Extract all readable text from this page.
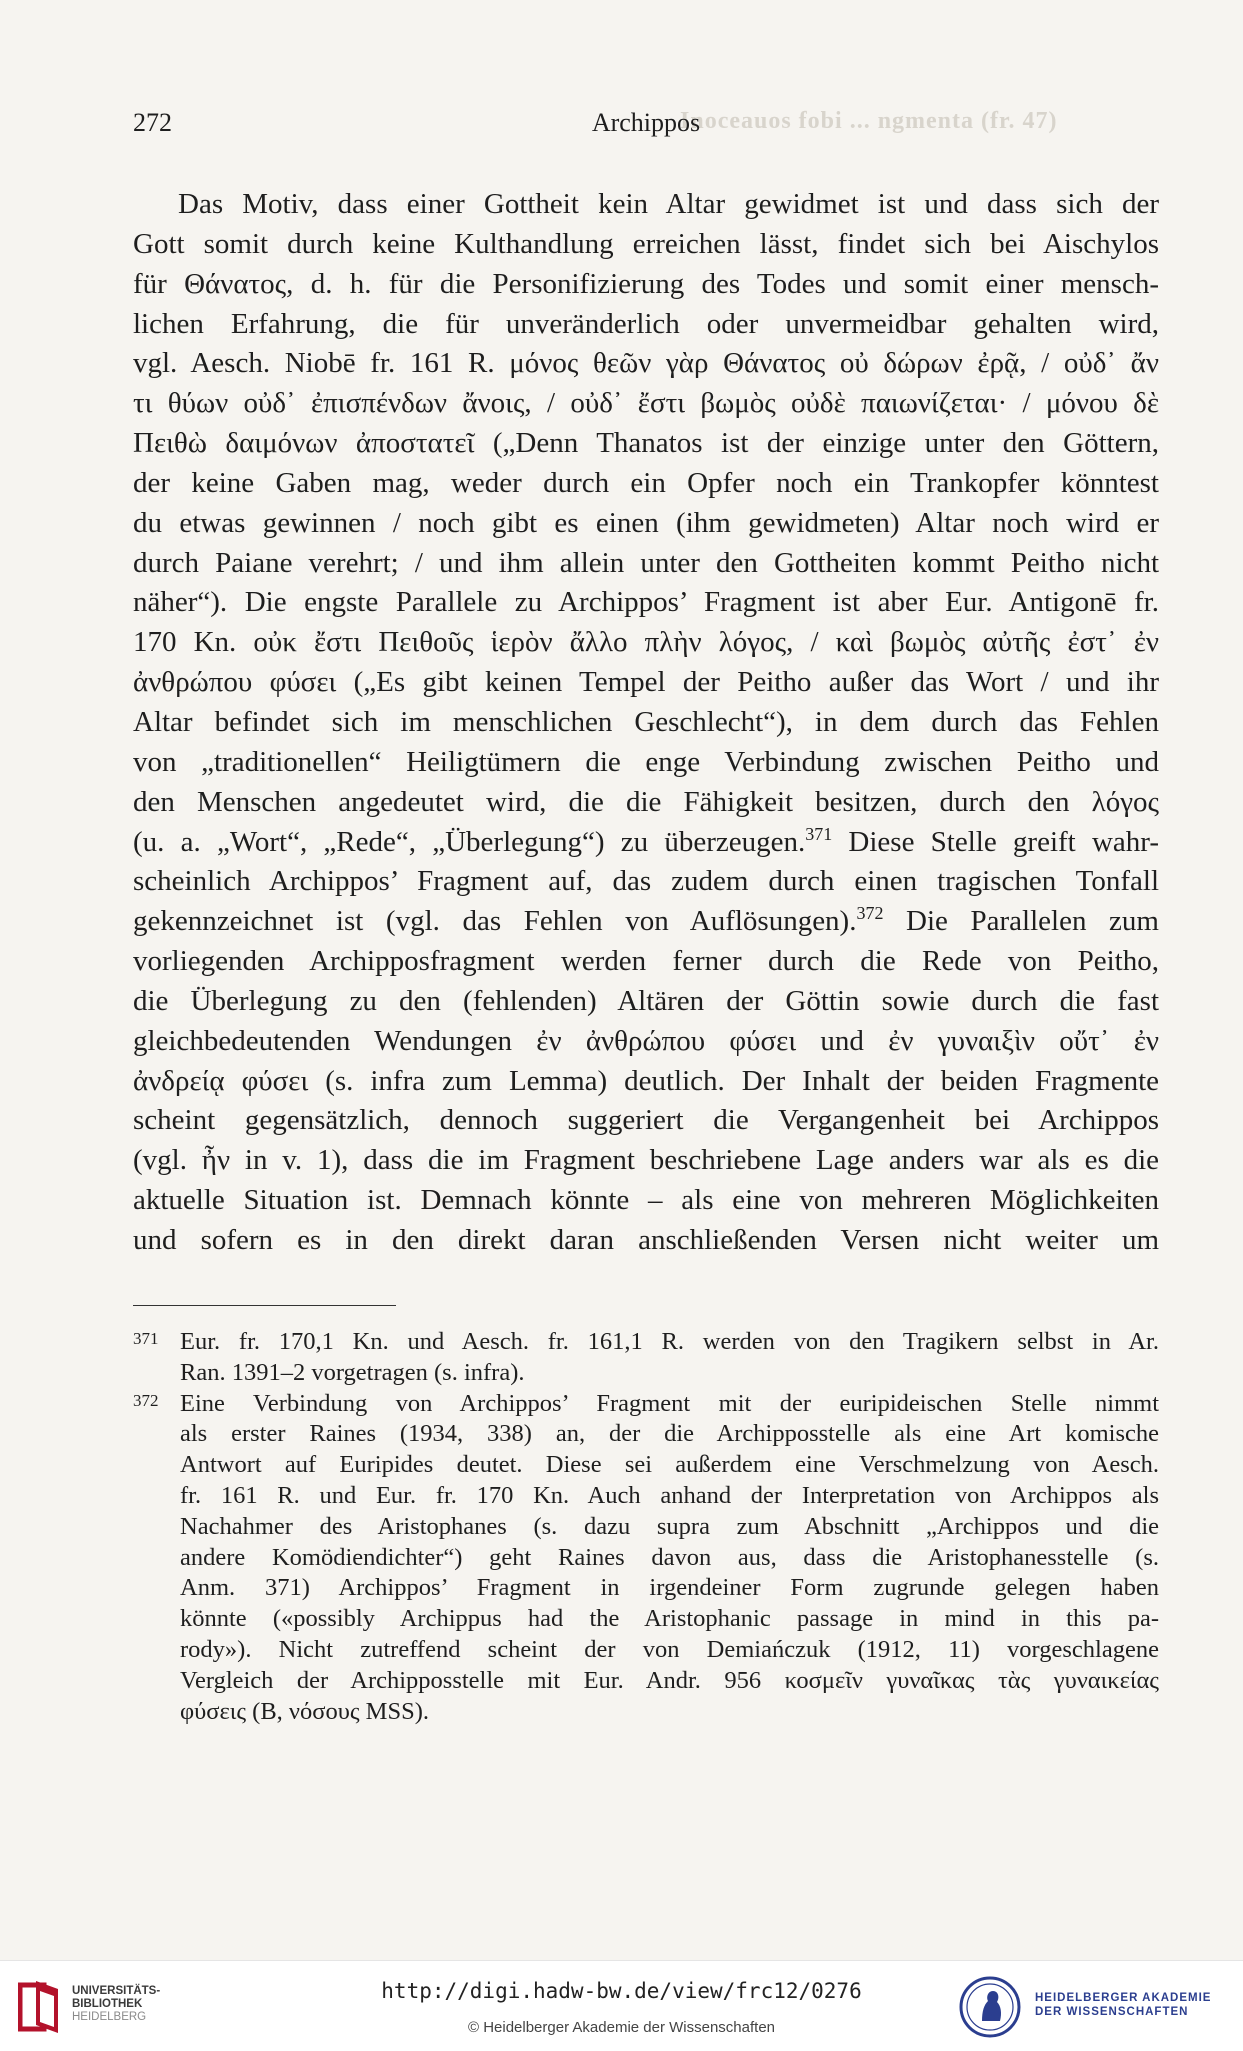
Inoceauos fobi ... ngmenta (fr. 47)
272	Archippos
Das Motiv, dass einer Gottheit kein Altar gewidmet ist und dass sich der
Gott somit durch keine Kulthandlung erreichen lässt, findet sich bei Aischylos
für Θάνατος, d. h. für die Personifizierung des Todes und somit einer mensch-
lichen Erfahrung, die für unveränderlich oder unvermeidbar gehalten wird,
vgl. Aesch. Niobē fr. 161 R. μόνος θεῶν γὰρ Θάνατος οὐ δώρων ἐρᾷ, / οὐδ᾽ ἄν
τι θύων οὐδ᾽ ἐπισπένδων ἄνοις, / οὐδ᾽ ἔστι βωμὸς οὐδὲ παιωνίζεται· / μόνου δὲ
Πειθὼ δαιμόνων ἀποστατεῖ („Denn Thanatos ist der einzige unter den Göttern,
der keine Gaben mag, weder durch ein Opfer noch ein Trankopfer könntest
du etwas gewinnen / noch gibt es einen (ihm gewidmeten) Altar noch wird er
durch Paiane verehrt; / und ihm allein unter den Gottheiten kommt Peitho nicht
näher“). Die engste Parallele zu Archippos’ Fragment ist aber Eur. Antigonē fr.
170 Kn. οὐκ ἔστι Πειθοῦς ἱερὸν ἄλλο πλὴν λόγος, / καὶ βωμὸς αὐτῆς ἐστ᾽ ἐν
ἀνθρώπου φύσει („Es gibt keinen Tempel der Peitho außer das Wort / und ihr
Altar befindet sich im menschlichen Geschlecht“), in dem durch das Fehlen
von „traditionellen“ Heiligtümern die enge Verbindung zwischen Peitho und
den Menschen angedeutet wird, die die Fähigkeit besitzen, durch den λόγος
(u. a. „Wort“, „Rede“, „Überlegung“) zu überzeugen.$^{371}$ Diese Stelle greift wahr-
scheinlich Archippos’ Fragment auf, das zudem durch einen tragischen Tonfall
gekennzeichnet ist (vgl. das Fehlen von Auflösungen).$^{372}$ Die Parallelen zum
vorliegenden Archipposfragment werden ferner durch die Rede von Peitho,
die Überlegung zu den (fehlenden) Altären der Göttin sowie durch die fast
gleichbedeutenden Wendungen ἐν ἀνθρώπου φύσει und ἐν γυναιξὶν οὔτ᾽ ἐν
ἀνδρείᾳ φύσει (s. infra zum Lemma) deutlich. Der Inhalt der beiden Fragmente
scheint gegensätzlich, dennoch suggeriert die Vergangenheit bei Archippos
(vgl. ἦν in v. 1), dass die im Fragment beschriebene Lage anders war als es die
aktuelle Situation ist. Demnach könnte – als eine von mehreren Möglichkeiten
und sofern es in den direkt daran anschließenden Versen nicht weiter um
371 Eur. fr. 170,1 Kn. und Aesch. fr. 161,1 R. werden von den Tragikern selbst in Ar.
Ran. 1391–2 vorgetragen (s. infra).
372 Eine Verbindung von Archippos’ Fragment mit der euripideischen Stelle nimmt
als erster Raines (1934, 338) an, der die Archipposstelle als eine Art komische
Antwort auf Euripides deutet. Diese sei außerdem eine Verschmelzung von Aesch.
fr. 161 R. und Eur. fr. 170 Kn. Auch anhand der Interpretation von Archippos als
Nachahmer des Aristophanes (s. dazu supra zum Abschnitt „Archippos und die
andere Komödiendichter“) geht Raines davon aus, dass die Aristophanesstelle (s.
Anm. 371) Archippos’ Fragment in irgendeiner Form zugrunde gelegen haben
könnte («possibly Archippus had the Aristophanic passage in mind in this pa-
rody»). Nicht zutreffend scheint der von Demiańczuk (1912, 11) vorgeschlagene
Vergleich der Archipposstelle mit Eur. Andr. 956 κοσμεῖν γυναῖκας τὰς γυναικείας
φύσεις (B, νόσους MSS).
UNIVERSITÄTS-
BIBLIOTHEK
HEIDELBERG
http://digi.hadw-bw.de/view/frc12/0276
© Heidelberger Akademie der Wissenschaften
HEIDELBERGER AKADEMIE
DER WISSENSCHAFTEN
